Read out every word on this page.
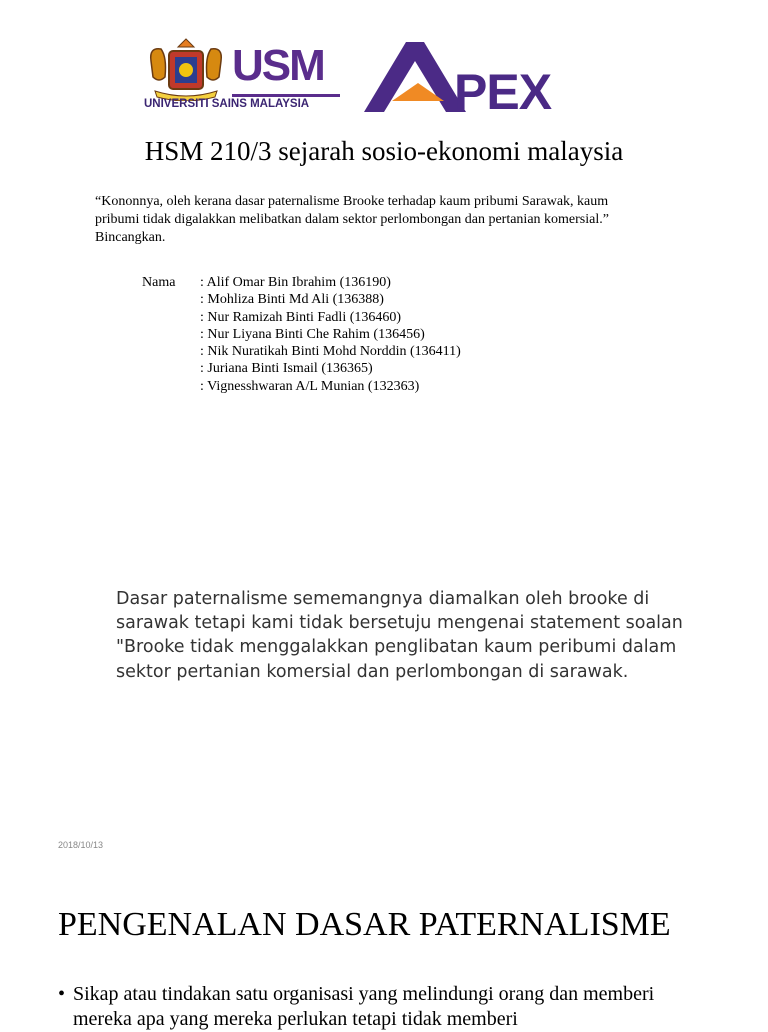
USM
UNIVERSITI SAINS MALAYSIA	PEX
HSM 210/3 sejarah sosio-ekonomi malaysia
“Kononnya, oleh kerana dasar paternalisme Brooke terhadap kaum pribumi Sarawak, kaum pribumi tidak digalakkan melibatkan dalam sektor perlombongan dan pertanian komersial.” Bincangkan.
Nama	: Alif Omar Bin Ibrahim (136190)
: Mohliza Binti Md Ali (136388)
: Nur Ramizah Binti Fadli (136460)
: Nur Liyana Binti Che Rahim (136456)
: Nik Nuratikah Binti Mohd Norddin (136411)
: Juriana Binti Ismail (136365)
: Vignesshwaran A/L Munian (132363)
Dasar paternalisme sememangnya diamalkan oleh brooke di sarawak tetapi kami tidak bersetuju mengenai statement soalan "Brooke tidak menggalakkan penglibatan kaum peribumi dalam sektor pertanian komersial dan perlombongan di sarawak.
2018/10/13
PENGENALAN DASAR PATERNALISME
• Sikap atau tindakan satu organisasi yang melindungi orang dan memberi mereka apa yang mereka perlukan tetapi tidak memberi
